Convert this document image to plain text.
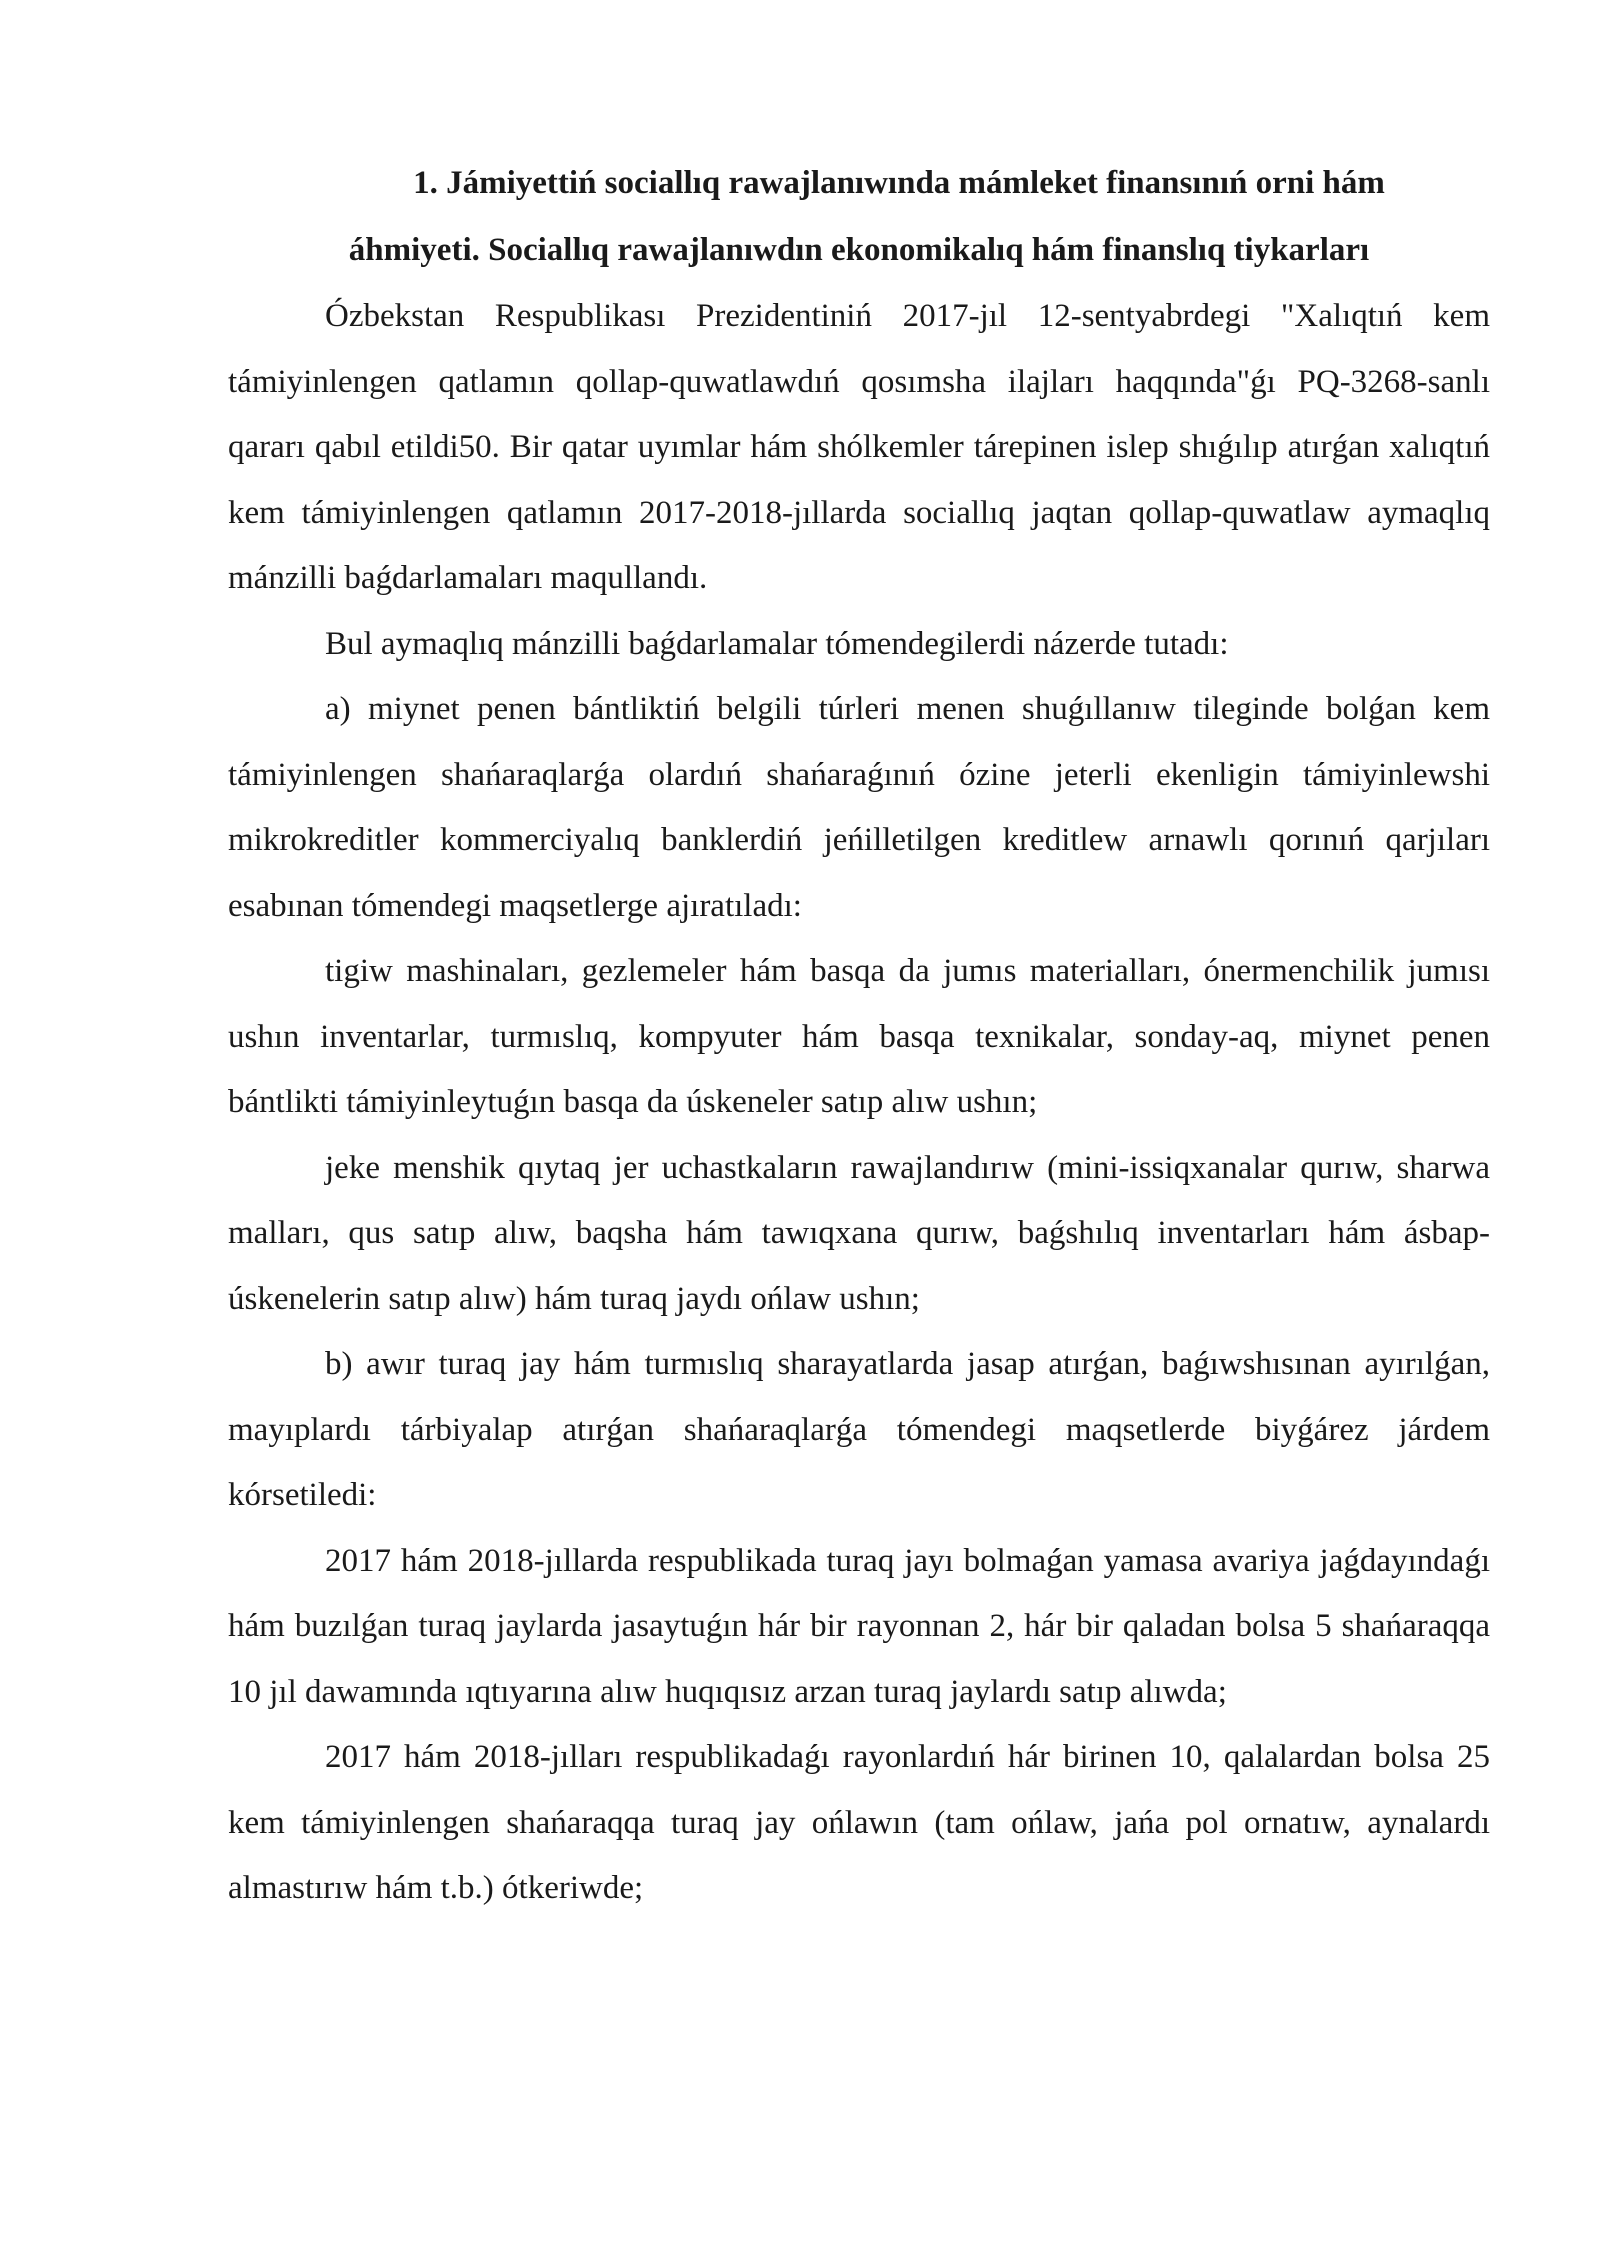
1. Jámiyettiń sociallıq rawajlanıwında mámleket finansınıń orni hám
áhmiyeti. Sociallıq rawajlanıwdın ekonomikalıq hám finanslıq tiykarları

Ózbekstan Respublikası Prezidentiniń 2017-jıl 12-sentyabrdegi "Xalıqtıń kem támiyinlengen qatlamın qollap-quwatlawdıń qosımsha ilajları haqqında"ǵı PQ-3268-sanlı qararı qabıl etildi50. Bir qatar uyımlar hám shólkemler tárepinen islep shıǵılıp atırǵan xalıqtıń kem támiyinlengen qatlamın 2017-2018-jıllarda sociallıq jaqtan qollap-quwatlaw aymaqlıq mánzilli baǵdarlamaları maqullandı.

Bul aymaqlıq mánzilli baǵdarlamalar tómendegilerdi názerde tutadı:

a) miynet penen bántliktiń belgili túrleri menen shuǵıllanıw tileginde bolǵan kem támiyinlengen shańaraqlarǵa olardıń shańaraǵınıń ózine jeterli ekenligin támiyinlewshi mikrokreditler kommerciyalıq banklerdiń jeńilletilgen kreditlew arnawlı qorınıń qarjıları esabınan tómendegi maqsetlerge ajıratıladı:

tigiw mashinaları, gezlemeler hám basqa da jumıs materialları, ónermenchilik jumısı ushın inventarlar, turmıslıq, kompyuter hám basqa texnikalar, sonday-aq, miynet penen bántlikti támiyinleytuǵın basqa da úskeneler satıp alıw ushın;

jeke menshik qıytaq jer uchastkaların rawajlandırıw (mini-issiqxanalar qurıw, sharwa malları, qus satıp alıw, baqsha hám tawıqxana qurıw, baǵshılıq inventarları hám ásbap-úskenelerin satıp alıw) hám turaq jaydı ońlaw ushın;

b) awır turaq jay hám turmıslıq sharayatlarda jasap atırǵan, baǵıwshısınan ayırılǵan, mayıplardı tárbiyalap atırǵan shańaraqlarǵa tómendegi maqsetlerde biyǵárez járdem kórsetiledi:

2017 hám 2018-jıllarda respublikada turaq jayı bolmaǵan yamasa avariya jaǵdayındaǵı hám buzılǵan turaq jaylarda jasaytuǵın hár bir rayonnan 2, hár bir qaladan bolsa 5 shańaraqqa 10 jıl dawamında ıqtıyarına alıw huqıqısız arzan turaq jaylardı satıp alıwda;

2017 hám 2018-jılları respublikadaǵı rayonlardıń hár birinen 10, qalalardan bolsa 25 kem támiyinlengen shańaraqqa turaq jay ońlawın (tam ońlaw, jańa pol ornatıw, aynalardı almastırıw hám t.b.) ótkeriwde;
